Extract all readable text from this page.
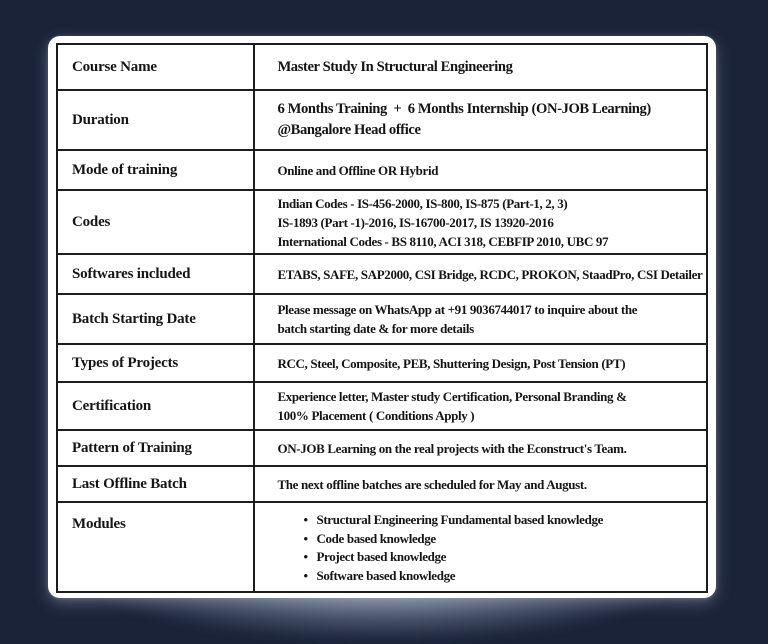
Course Name	Master Study In Structural Engineering

Duration	6 Months Training  +  6 Months Internship (ON-JOB Learning)
@Bangalore Head office

Mode of training	Online and Offline OR Hybrid

Codes	Indian Codes - IS-456-2000, IS-800, IS-875 (Part-1, 2, 3)
IS-1893 (Part -1)-2016, IS-16700-2017, IS 13920-2016
International Codes - BS 8110, ACI 318, CEBFIP 2010, UBC 97

Softwares included	ETABS, SAFE, SAP2000, CSI Bridge, RCDC, PROKON, StaadPro, CSI Detailer

Batch Starting Date	Please message on WhatsApp at +91 9036744017 to inquire about the
batch starting date & for more details

Types of Projects	RCC, Steel, Composite, PEB, Shuttering Design, Post Tension (PT)

Certification	Experience letter, Master study Certification, Personal Branding &
100% Placement ( Conditions Apply )

Pattern of Training	ON-JOB Learning on the real projects with the Econstruct's Team.

Last Offline Batch	The next offline batches are scheduled for May and August.

Modules	
•Structural Engineering Fundamental based knowledge
• Code based knowledge
• Project based knowledge
• Software based knowledge
